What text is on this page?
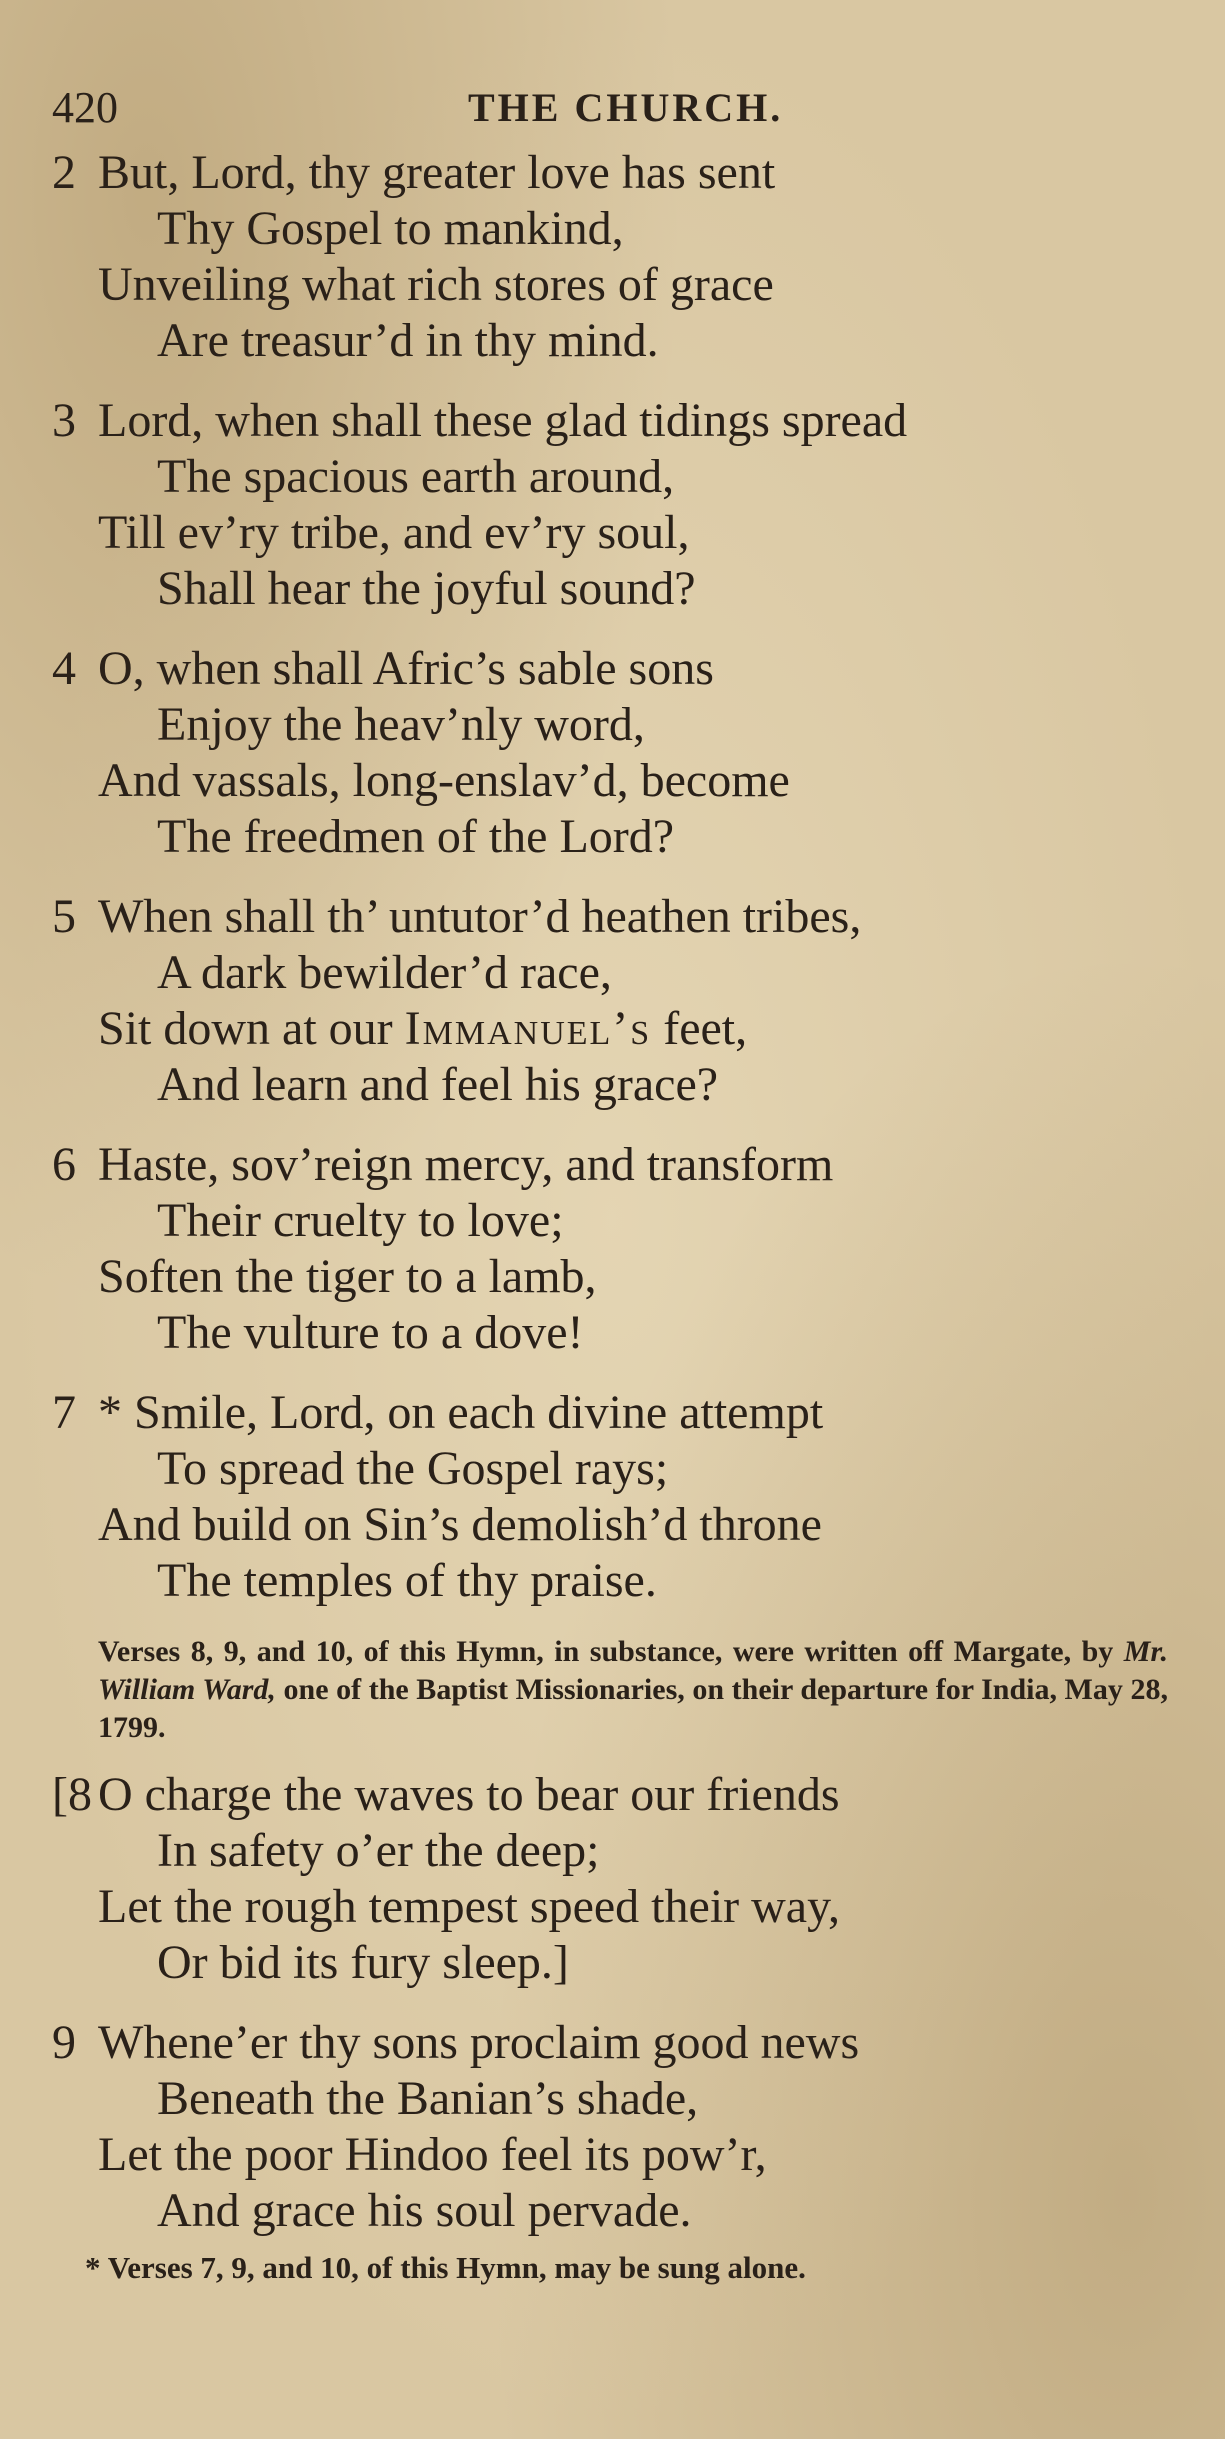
420	THE CHURCH.
2 But, Lord, thy greater love has sent
Thy Gospel to mankind,
Unveiling what rich stores of grace
Are treasur’d in thy mind.
3 Lord, when shall these glad tidings spread
The spacious earth around,
Till ev’ry tribe, and ev’ry soul,
Shall hear the joyful sound?
4 O, when shall Afric’s sable sons
Enjoy the heav’nly word,
And vassals, long-enslav’d, become
The freedmen of the Lord?
5 When shall th’ untutor’d heathen tribes,
A dark bewilder’d race,
Sit down at our Immanuel’s feet,
And learn and feel his grace?
6 Haste, sov’reign mercy, and transform
Their cruelty to love;
Soften the tiger to a lamb,
The vulture to a dove!
7 * Smile, Lord, on each divine attempt
To spread the Gospel rays;
And build on Sin’s demolish’d throne
The temples of thy praise.
Verses 8, 9, and 10, of this Hymn, in substance, were written off Margate, by Mr. William Ward, one of the Baptist Missionaries, on their departure for India, May 28, 1799.
[8 O charge the waves to bear our friends
In safety o’er the deep;
Let the rough tempest speed their way,
Or bid its fury sleep.]
9 Whene’er thy sons proclaim good news
Beneath the Banian’s shade,
Let the poor Hindoo feel its pow’r,
And grace his soul pervade.
* Verses 7, 9, and 10, of this Hymn, may be sung alone.
